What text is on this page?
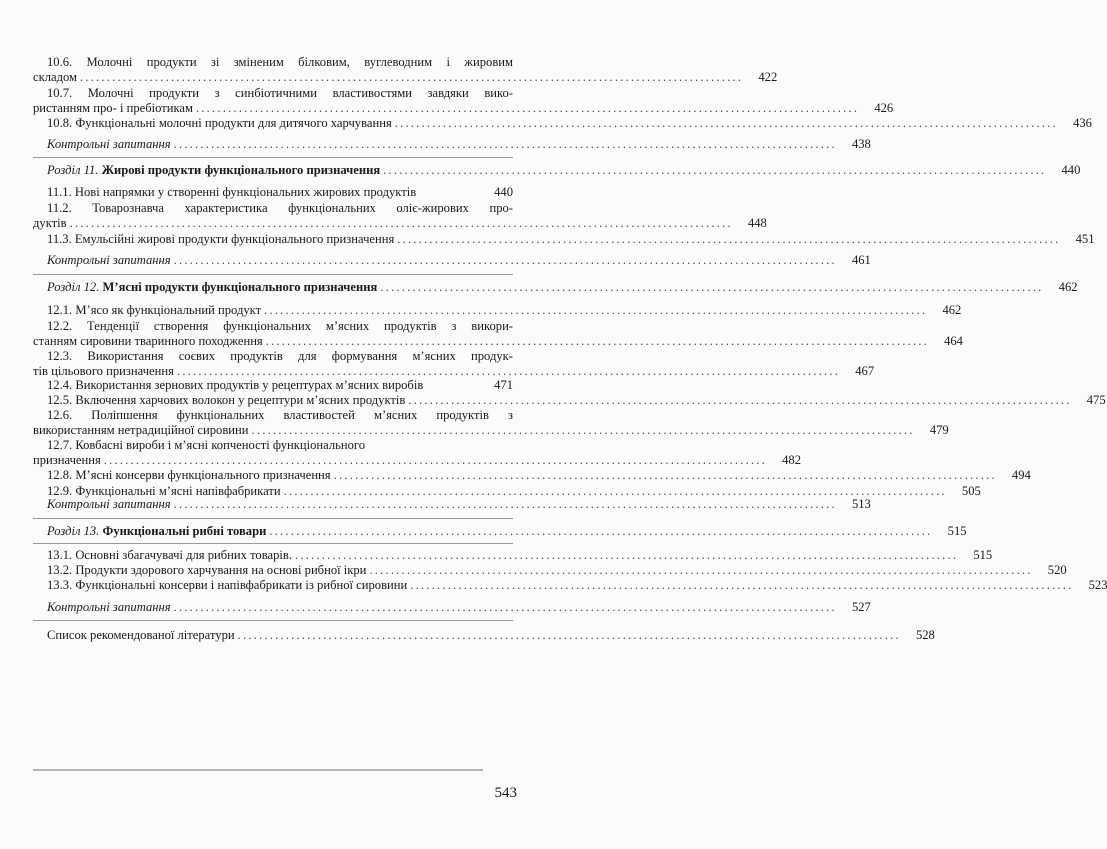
10.6. Молочні продукти зі зміненим білковим, вуглеводним і жировим
складом ............................................................................................................................	422
10.7. Молочні продукти з синбіотичними властивостями завдяки вико-
ристанням про- і пребіотикам ............................................................................................................................	426
10.8. Функціональні молочні продукти для дитячого харчування ............................................................................................................................	436
Контрольні запитання ............................................................................................................................	438
Розділ 11. Жирові продукти функціонального призначення ............................................................................................................................	440
11.1. Нові напрямки у створенні функціональних жирових продуктів	440
11.2. Товарознавча характеристика функціональних оліє-жирових про-
дуктів ............................................................................................................................	448
11.3. Емульсійні жирові продукти функціонального призначення ............................................................................................................................	451
Контрольні запитання ............................................................................................................................	461
Розділ 12. М’ясні продукти функціонального призначення ............................................................................................................................	462
12.1. М’ясо як функціональний продукт ............................................................................................................................	462
12.2. Тенденції створення функціональних м’ясних продуктів з викори-
станням сировини тваринного походження ............................................................................................................................	464
12.3. Використання соєвих продуктів для формування м’ясних продук-
тів цільового призначення ............................................................................................................................	467
12.4. Використання зернових продуктів у рецептурах м’ясних виробів	471
12.5. Включення харчових волокон у рецептури м’ясних продуктів ............................................................................................................................	475
12.6. Поліпшення функціональних властивостей м’ясних продуктів з
використанням нетрадиційної сировини ............................................................................................................................	479
12.7. Ковбасні вироби і м’ясні копченості функціонального
призначення ............................................................................................................................	482
12.8. М’ясні консерви функціонального призначення ............................................................................................................................	494
12.9. Функціональні м’ясні напівфабрикати ............................................................................................................................	505
Контрольні запитання ............................................................................................................................	513
Розділ 13. Функціональні рибні товари ............................................................................................................................	515
13.1. Основні збагачувачі для рибних товарів. ............................................................................................................................	515
13.2. Продукти здорового харчування на основі рибної ікри ............................................................................................................................	520
13.3. Функціональні консерви і напівфабрикати із рибної сировини ............................................................................................................................	523
Контрольні запитання ............................................................................................................................	527
Список рекомендованої літератури ............................................................................................................................	528
543
